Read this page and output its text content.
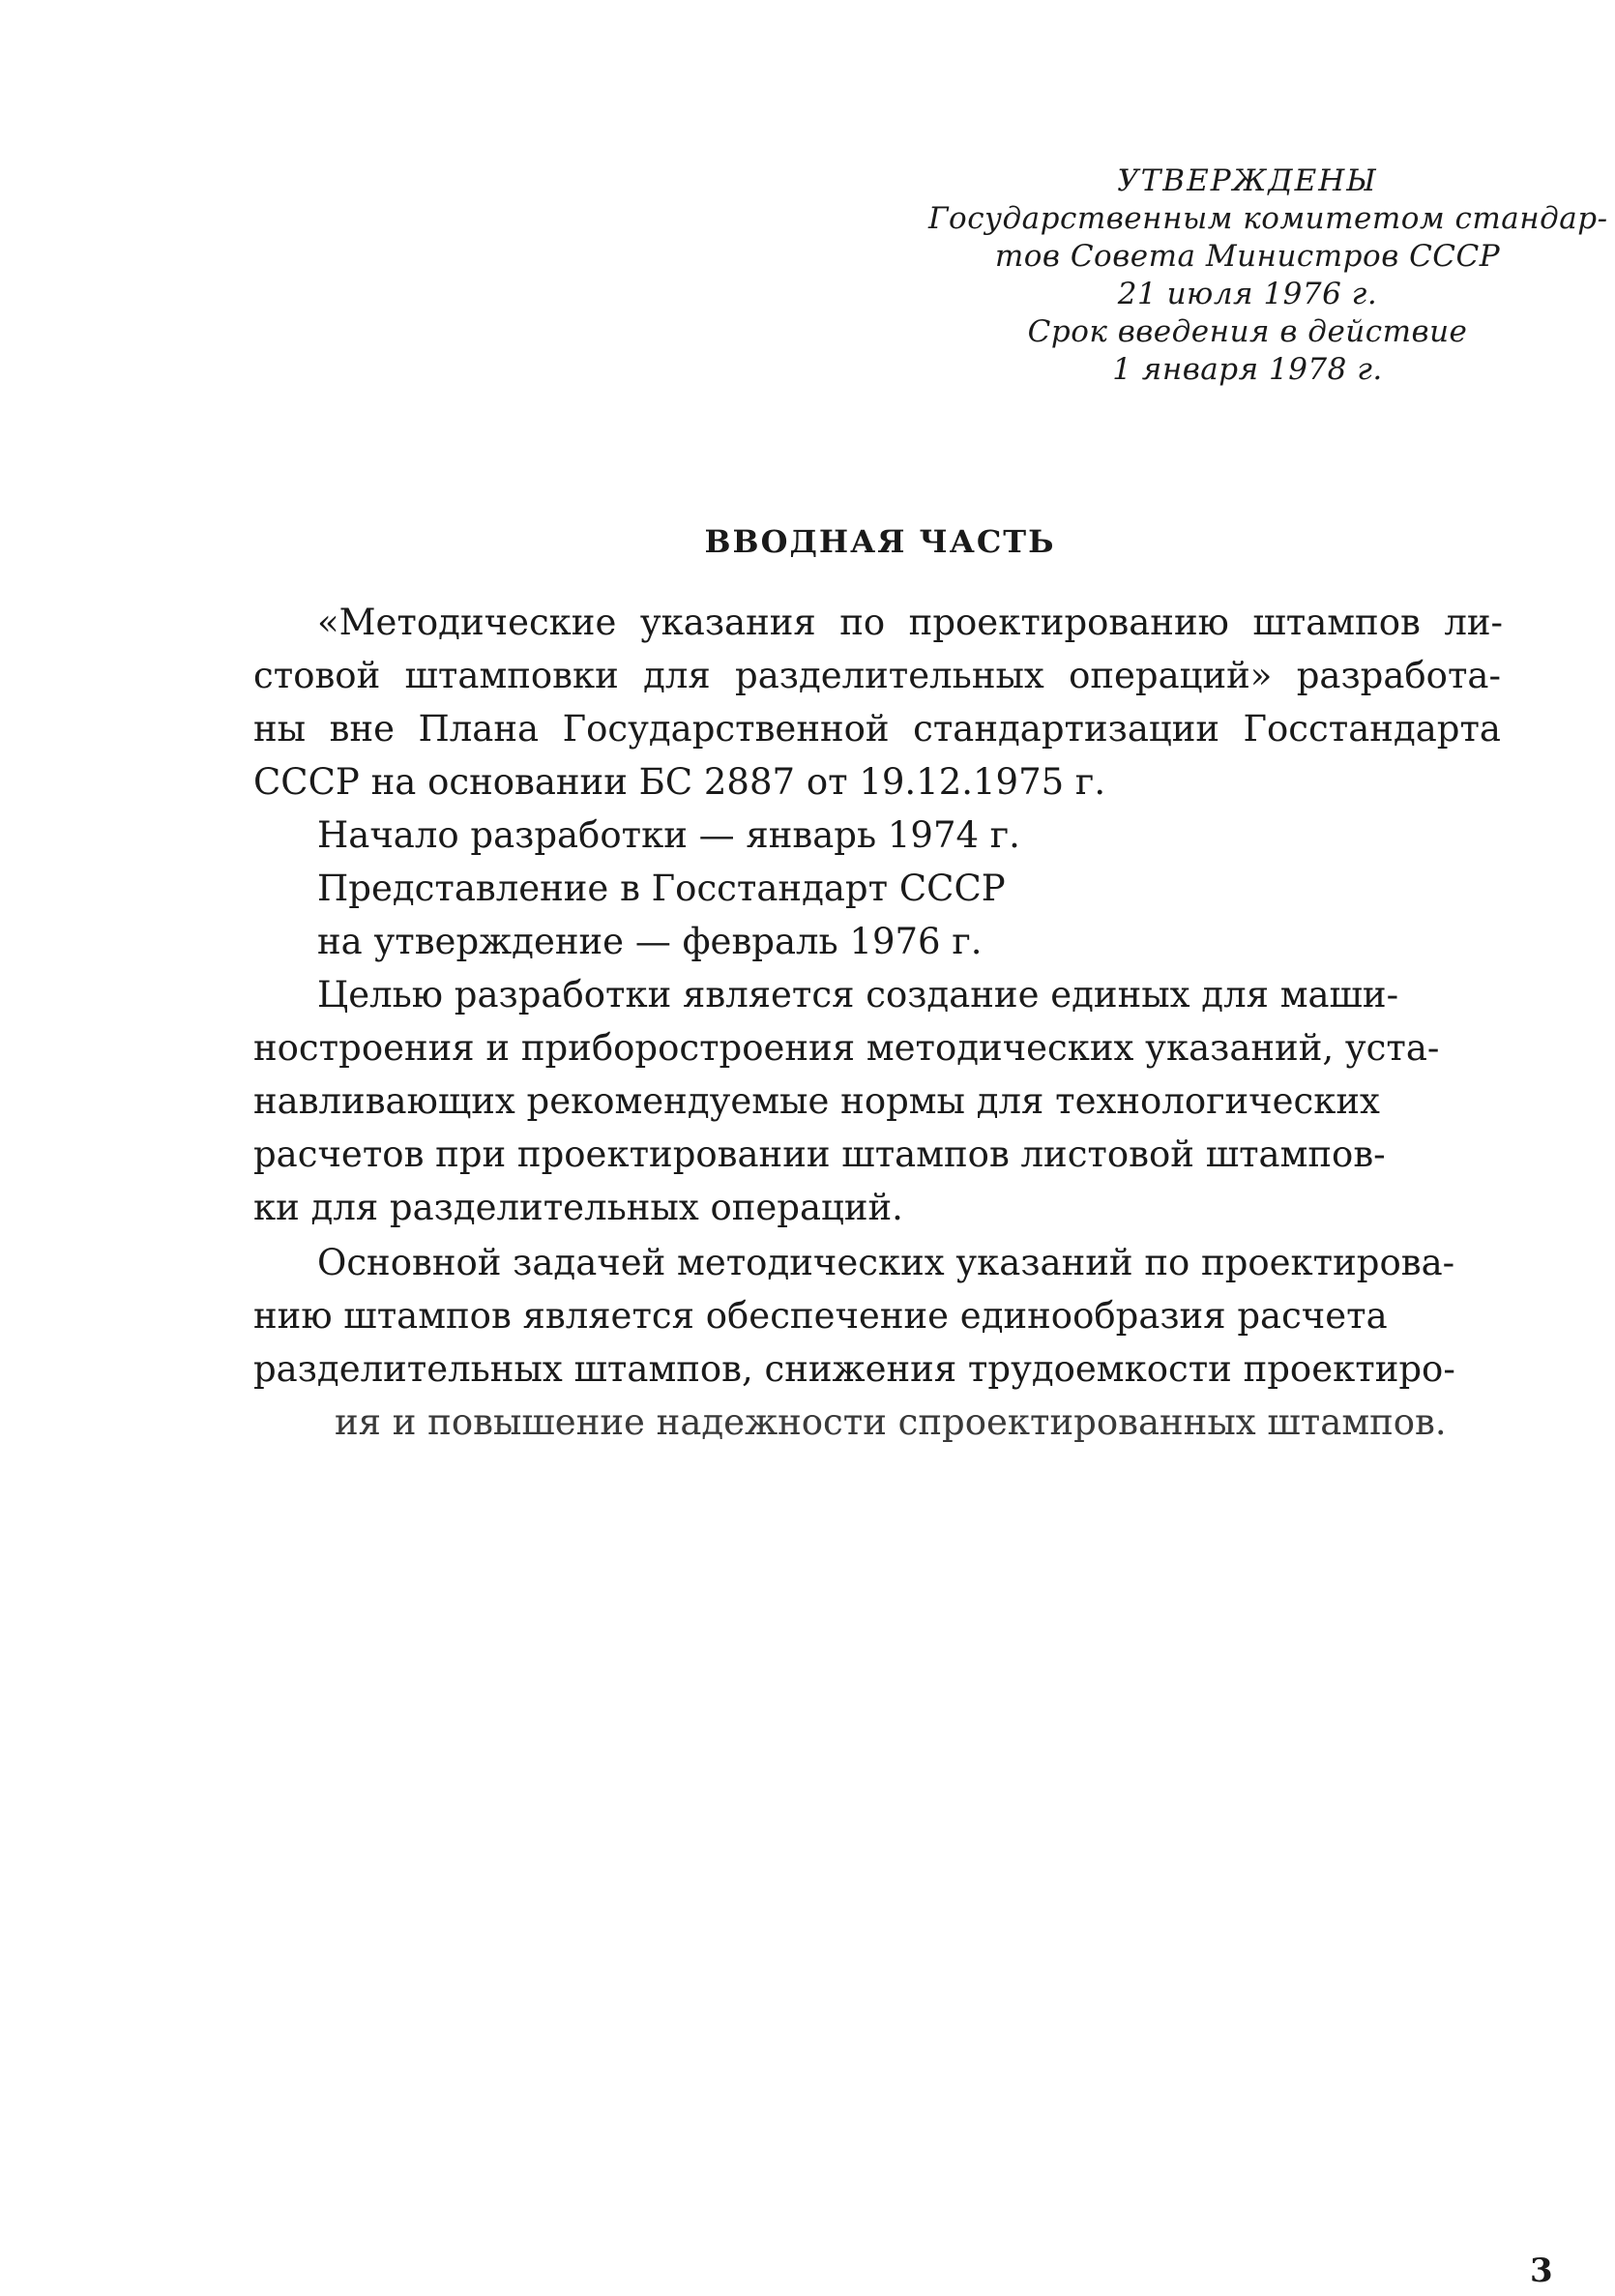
УТВЕРЖДЕНЫ
Государственным комитетом стандар-
тов Совета Министров СССР
21 июля 1976 г.
Срок введения в действие
1 января 1978 г.
ВВОДНАЯ ЧАСТЬ
«Методические указания по проектированию штампов ли-
стовой штамповки для разделительных операций» разработа-
ны вне Плана Государственной стандартизации Госстандарта
СССР на основании БС 2887 от 19.12.1975 г.
Начало разработки — январь 1974 г.
Представление в Госстандарт СССР
на утверждение — февраль 1976 г.
Целью разработки является создание единых для маши-
ностроения и приборостроения методических указаний, уста-
навливающих рекомендуемые нормы для технологических
расчетов при проектировании штампов листовой штампов-
ки для разделительных операций.
Основной задачей методических указаний по проектирова-
нию штампов является обеспечение единообразия расчета
разделительных штампов, снижения трудоемкости проектиро-
ия и повышение надежности спроектированных штампов.
3
